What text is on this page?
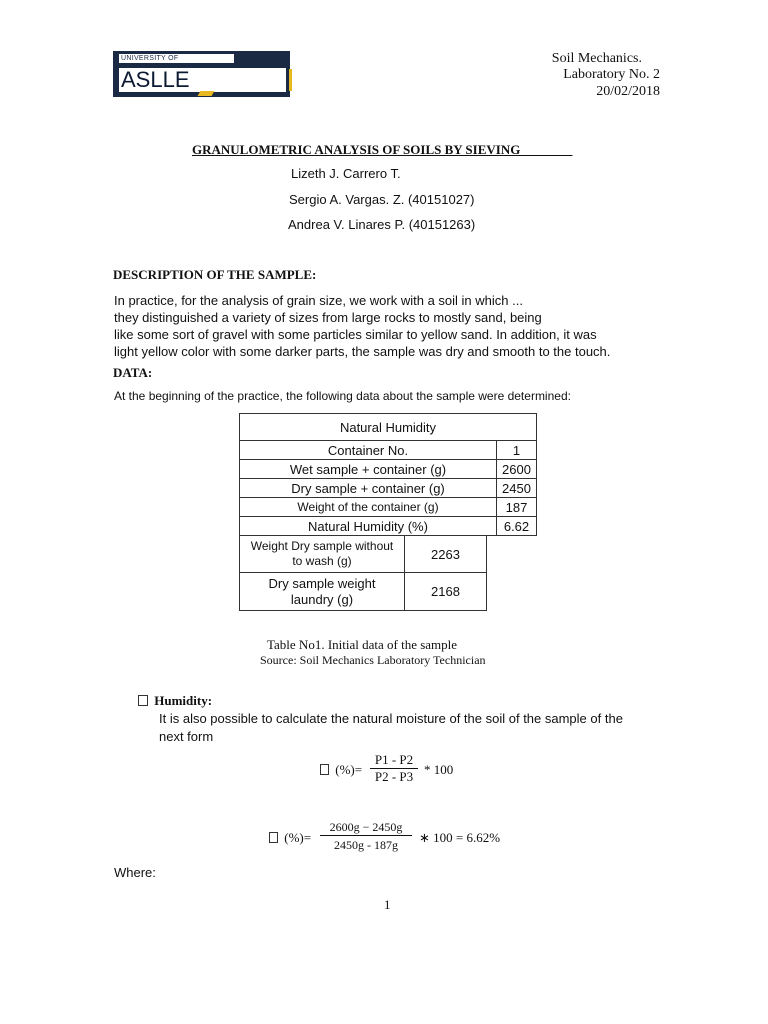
UNIVERSITY OF
ASLLE
Soil Mechanics.
Laboratory No. 2
20/02/2018
GRANULOMETRIC ANALYSIS OF SOILS BY SIEVING________
Lizeth J. Carrero T.
Sergio A. Vargas. Z. (40151027)
Andrea V. Linares P. (40151263)
DESCRIPTION OF THE SAMPLE:

In practice, for the analysis of grain size, we work with a soil in which ...

they distinguished a variety of sizes from large rocks to mostly sand, being

like some sort of gravel with some particles similar to yellow sand. In addition, it was

light yellow color with some darker parts, the sample was dry and smooth to the touch.

DATA:
At the beginning of the practice, the following data about the sample were determined:
Natural Humidity	
Container No.	1
Wet sample + container (g)	2600
Dry sample + container (g)	2450
Weight of the container (g)	187
Natural Humidity (%)	6.62
Weight Dry sample without
to wash (g)	2263
Dry sample weight
laundry (g)	2168
Table No1. Initial data of the sample
Source: Soil Mechanics Laboratory Technician
Humidity:

It is also possible to calculate the natural moisture of the soil of the sample of the

next form

(%)= $\frac{P1 - P2}{P2 - P3} * 100$
(%)= $\frac{2600g - 2450g}{2450g - 187g}$ ∗ 100 = 6.62%
Where:
1
